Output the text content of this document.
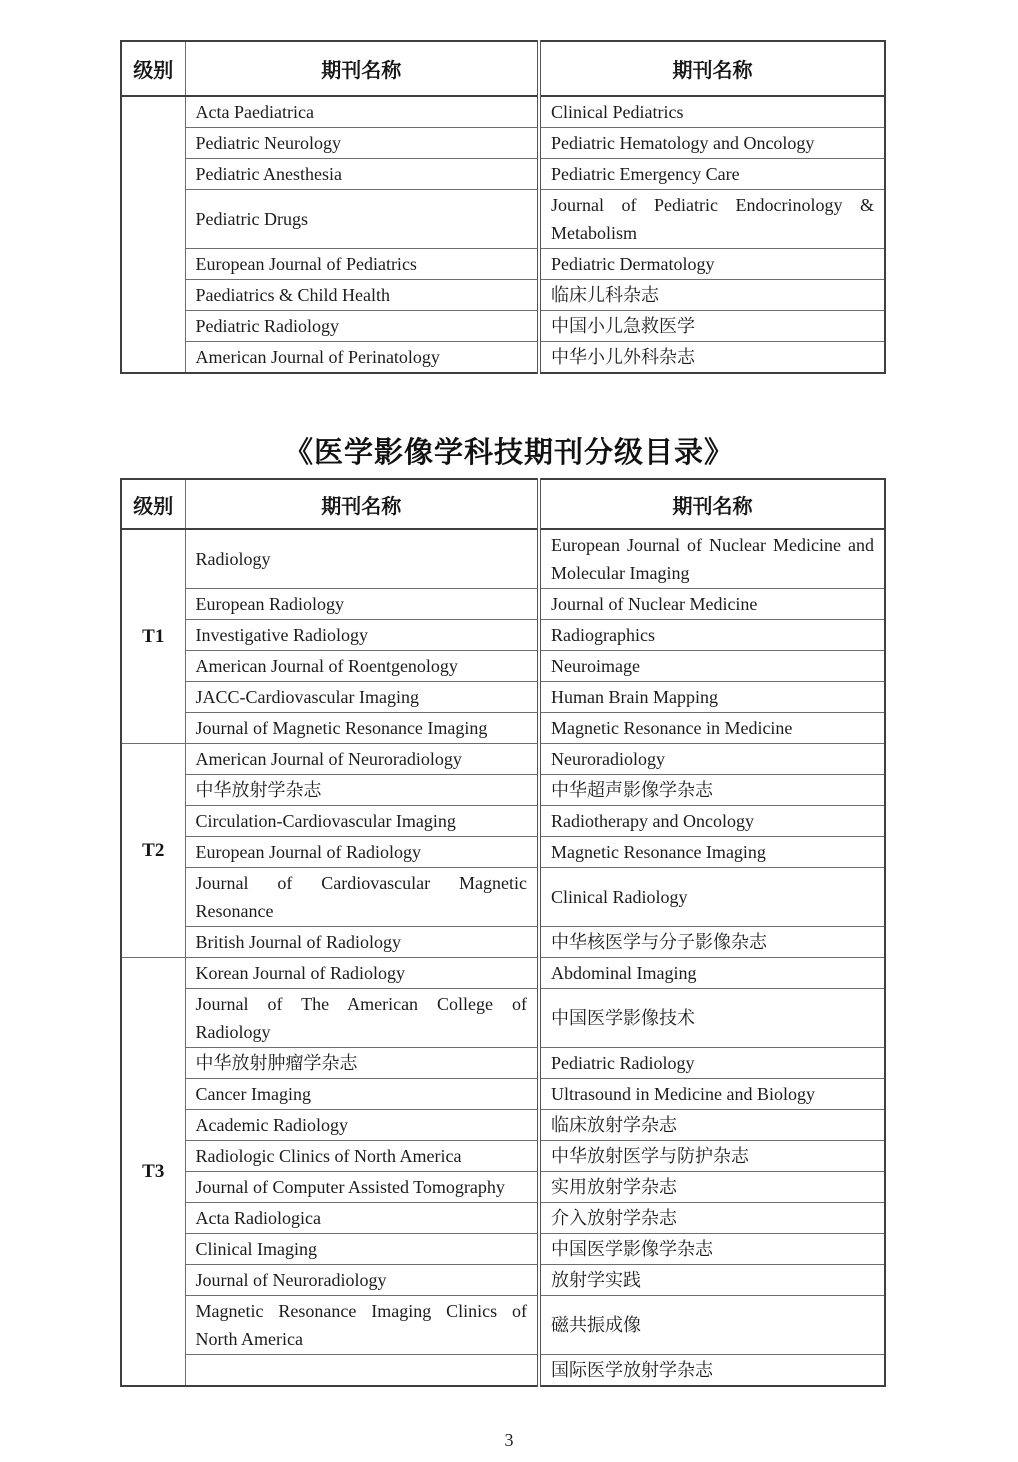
级别	期刊名称	期刊名称
	Acta Paediatrica	Clinical Pediatrics
	Pediatric Neurology	Pediatric Hematology and Oncology
	Pediatric Anesthesia	Pediatric Emergency Care
	Pediatric Drugs	Journal of Pediatric Endocrinology & Metabolism
	European Journal of Pediatrics	Pediatric Dermatology
	Paediatrics & Child Health	临床儿科杂志
	Pediatric Radiology	中国小儿急救医学
	American Journal of Perinatology	中华小儿外科杂志
《医学影像学科技期刊分级目录》
级别	期刊名称	期刊名称
T1	Radiology	European Journal of Nuclear Medicine and Molecular Imaging
	European Radiology	Journal of Nuclear Medicine
	Investigative Radiology	Radiographics
	American Journal of Roentgenology	Neuroimage
	JACC-Cardiovascular Imaging	Human Brain Mapping
	Journal of Magnetic Resonance Imaging	Magnetic Resonance in Medicine
T2	American Journal of Neuroradiology	Neuroradiology
	中华放射学杂志	中华超声影像学杂志
	Circulation-Cardiovascular Imaging	Radiotherapy and Oncology
	European Journal of Radiology	Magnetic Resonance Imaging
	Journal of Cardiovascular Magnetic Resonance	Clinical Radiology
	British Journal of Radiology	中华核医学与分子影像杂志
T3	Korean Journal of Radiology	Abdominal Imaging
	Journal of The American College of Radiology	中国医学影像技术
	中华放射肿瘤学杂志	Pediatric Radiology
	Cancer Imaging	Ultrasound in Medicine and Biology
	Academic Radiology	临床放射学杂志
	Radiologic Clinics of North America	中华放射医学与防护杂志
	Journal of Computer Assisted Tomography	实用放射学杂志
	Acta Radiologica	介入放射学杂志
	Clinical Imaging	中国医学影像学杂志
	Journal of Neuroradiology	放射学实践
	Magnetic Resonance Imaging Clinics of North America	磁共振成像
		国际医学放射学杂志
3
